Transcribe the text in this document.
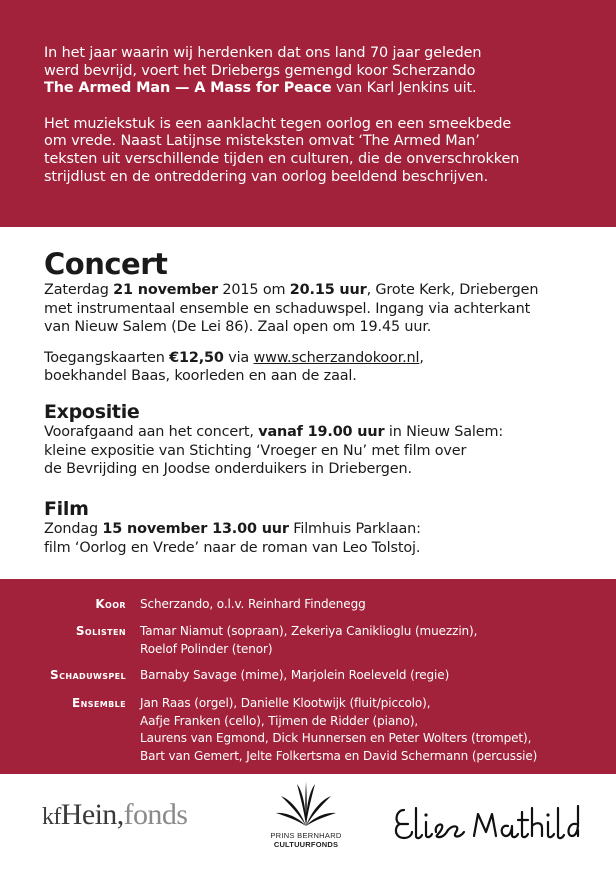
In het jaar waarin wij herdenken dat ons land 70 jaar geleden
werd bevrijd, voert het Driebergs gemengd koor Scherzando
The Armed Man — A Mass for Peace van Karl Jenkins uit.

Het muziekstuk is een aanklacht tegen oorlog en een smeekbede
om vrede. Naast Latijnse misteksten omvat ‘The Armed Man’
teksten uit verschillende tijden en culturen, die de onverschrokken
strijdlust en de ontreddering van oorlog beeldend beschrijven.

Concert

Zaterdag 21 november 2015 om 20.15 uur, Grote Kerk, Driebergen
met instrumentaal ensemble en schaduwspel. Ingang via achterkant
van Nieuw Salem (De Lei 86). Zaal open om 19.45 uur.

Toegangskaarten €12,50 via www.scherzandokoor.nl,
boekhandel Baas, koorleden en aan de zaal.

Expositie

Voorafgaand aan het concert, vanaf 19.00 uur in Nieuw Salem:
kleine expositie van Stichting ‘Vroeger en Nu’ met film over
de Bevrijding en Joodse onderduikers in Driebergen.

Film

Zondag 15 november 13.00 uur Filmhuis Parklaan:
film ‘Oorlog en Vrede’ naar de roman van Leo Tolstoj.

Koor Scherzando, o.l.v. Reinhard Findenegg
Solisten Tamar Niamut (sopraan), Zekeriya Caniklioglu (muezzin),
Roelof Polinder (tenor)
Schaduwspel Barnaby Savage (mime), Marjolein Roeleveld (regie)
Ensemble Jan Raas (orgel), Danielle Klootwijk (fluit/piccolo),
Aafje Franken (cello), Tijmen de Ridder (piano),
Laurens van Egmond, Dick Hunnersen en Peter Wolters (trompet),
Bart van Gemert, Jelte Folkertsma en David Schermann (percussie)
kfHein,fonds
PRINS BERNHARD
CULTUURFONDS
